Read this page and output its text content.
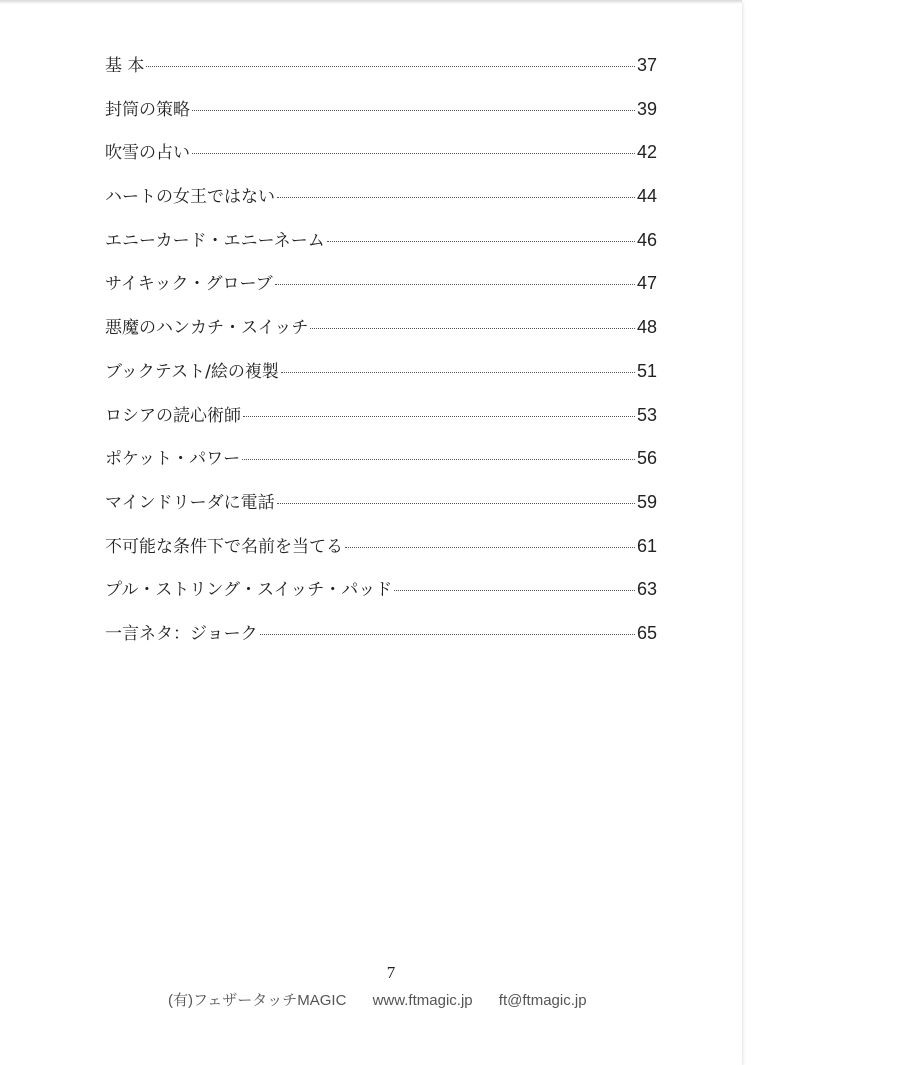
基 本	37
封筒の策略	39
吹雪の占い	42
ハートの女王ではない	44
エニーカード・エニーネーム	46
サイキック・グローブ	47
悪魔のハンカチ・スイッチ	48
ブックテスト/絵の複製	51
ロシアの読心術師	53
ポケット・パワー	56
マインドリーダに電話	59
不可能な条件下で名前を当てる	61
プル・ストリング・スイッチ・パッド	63
一言ネタ：ジョーク	65
7
(有)フェザータッチMAGIC www.ftmagic.jp ft@ftmagic.jp
